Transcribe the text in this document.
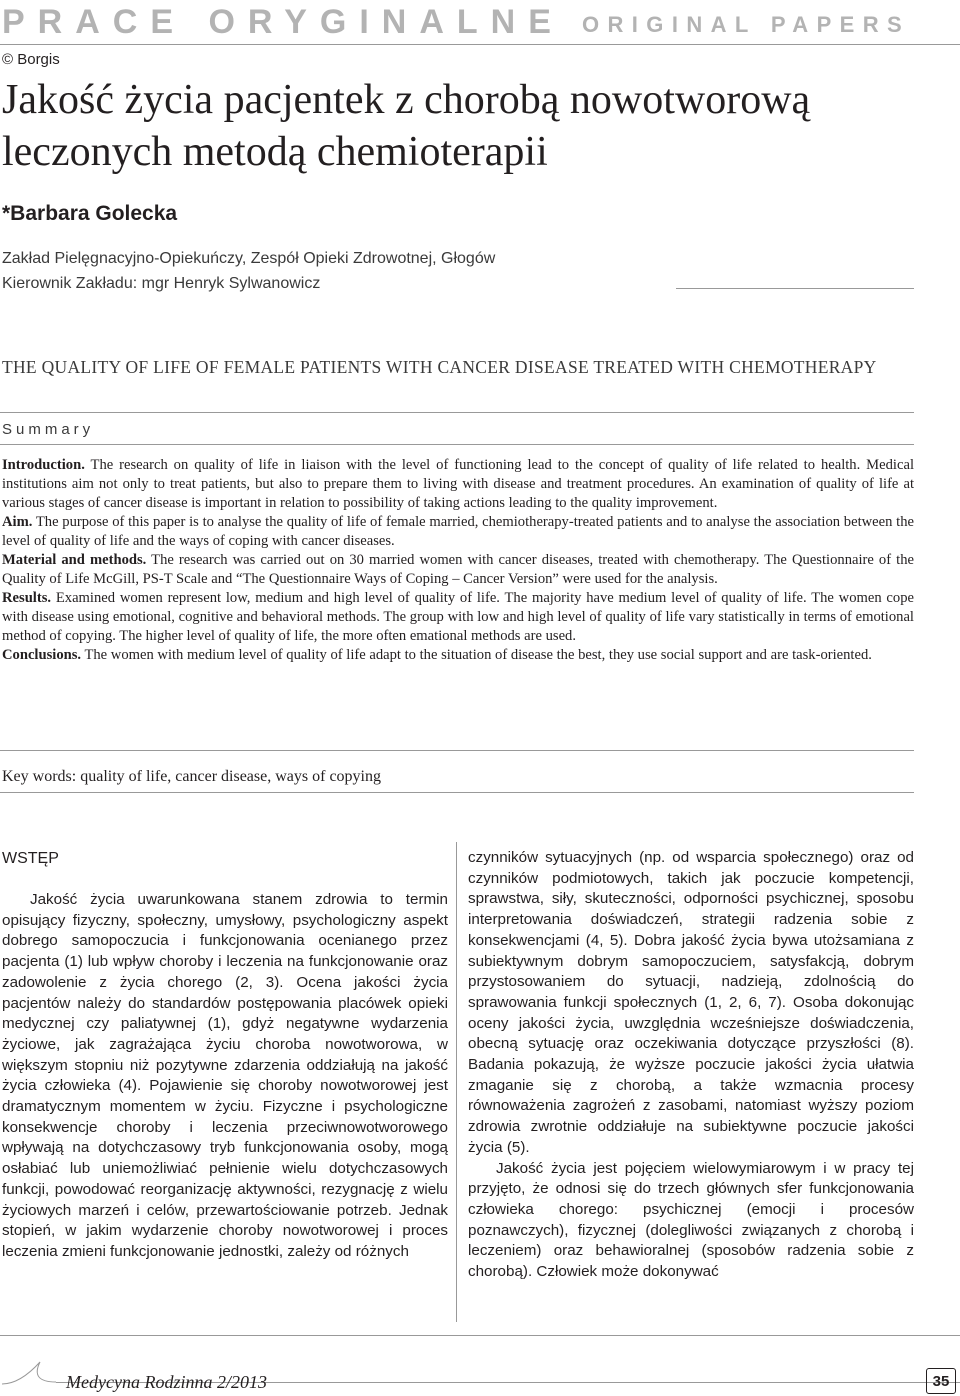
PRACE ORYGINALNE ORIGINAL PAPERS
© Borgis
Jakość życia pacjentek z chorobą nowotworową leczonych metodą chemioterapii
*Barbara Golecka
Zakład Pielęgnacyjno-Opiekuńczy, Zespół Opieki Zdrowotnej, Głogów
Kierownik Zakładu: mgr Henryk Sylwanowicz
THE QUALITY OF LIFE OF FEMALE PATIENTS WITH CANCER DISEASE TREATED WITH CHEMOTHERAPY
Summary

Introduction. The research on quality of life in liaison with the level of functioning lead to the concept of quality of life related to health. Medical institutions aim not only to treat patients, but also to prepare them to living with disease and treatment procedures. An examination of quality of life at various stages of cancer disease is important in relation to possibility of taking actions leading to the quality improvement.

Aim. The purpose of this paper is to analyse the quality of life of female married, chemiotherapy-treated patients and to analyse the association between the level of quality of life and the ways of coping with cancer diseases.

Material and methods. The research was carried out on 30 married women with cancer diseases, treated with chemotherapy. The Questionnaire of the Quality of Life McGill, PS-T Scale and “The Questionnaire Ways of Coping – Cancer Version” were used for the analysis.

Results. Examined women represent low, medium and high level of quality of life. The majority have medium level of quality of life. The women cope with disease using emotional, cognitive and behavioral methods. The group with low and high level of quality of life vary statistically in terms of emotional method of copying. The higher level of quality of life, the more often emational methods are used.

Conclusions. The women with medium level of quality of life adapt to the situation of disease the best, they use social support and are task-oriented.

Key words: quality of life, cancer disease, ways of copying
WSTĘP

Jakość życia uwarunkowana stanem zdrowia to termin opisujący fizyczny, społeczny, umysłowy, psychologiczny aspekt dobrego samopoczucia i funkcjonowania ocenianego przez pacjenta (1) lub wpływ choroby i leczenia na funkcjonowanie oraz zadowolenie z życia chorego (2, 3). Ocena jakości życia pacjentów należy do standardów postępowania placówek opieki medycznej czy paliatywnej (1), gdyż negatywne wydarzenia życiowe, jak zagrażająca życiu choroba nowotworowa, w większym stopniu niż pozytywne zdarzenia oddziałują na jakość życia człowieka (4). Pojawienie się choroby nowotworowej jest dramatycznym momentem w życiu. Fizyczne i psychologiczne konsekwencje choroby i leczenia przeciwnowotworowego wpływają na dotychczasowy tryb funkcjonowania osoby, mogą osłabiać lub uniemożliwiać pełnienie wielu dotychczasowych funkcji, powodować reorganizację aktywności, rezygnację z wielu życiowych marzeń i celów, przewartościowanie potrzeb. Jednak stopień, w jakim wydarzenie choroby nowotworowej i proces leczenia zmieni funkcjonowanie jednostki, zależy od różnych

czynników sytuacyjnych (np. od wsparcia społecznego) oraz od czynników podmiotowych, takich jak poczucie kompetencji, sprawstwa, siły, skuteczności, odporności psychicznej, sposobu interpretowania doświadczeń, strategii radzenia sobie z konsekwencjami (4, 5). Dobra jakość życia bywa utożsamiana z subiektywnym dobrym samopoczuciem, satysfakcją, dobrym przystosowaniem do sytuacji, nadzieją, zdolnością do sprawowania funkcji społecznych (1, 2, 6, 7). Osoba dokonując oceny jakości życia, uwzględnia wcześniejsze doświadczenia, obecną sytuację oraz oczekiwania dotyczące przyszłości (8). Badania pokazują, że wyższe poczucie jakości życia ułatwia zmaganie się z chorobą, a także wzmacnia procesy równoważenia zagrożeń z zasobami, natomiast wyższy poziom zdrowia zwrotnie oddziałuje na subiektywne poczucie jakości życia (5).

Jakość życia jest pojęciem wielowymiarowym i w pracy tej przyjęto, że odnosi się do trzech głównych sfer funkcjonowania człowieka chorego: psychicznej (emocji i procesów poznawczych), fizycznej (dolegliwości związanych z chorobą i leczeniem) oraz behawioralnej (sposobów radzenia sobie z chorobą). Człowiek może dokonywać

Medycyna Rodzinna 2/2013	35
